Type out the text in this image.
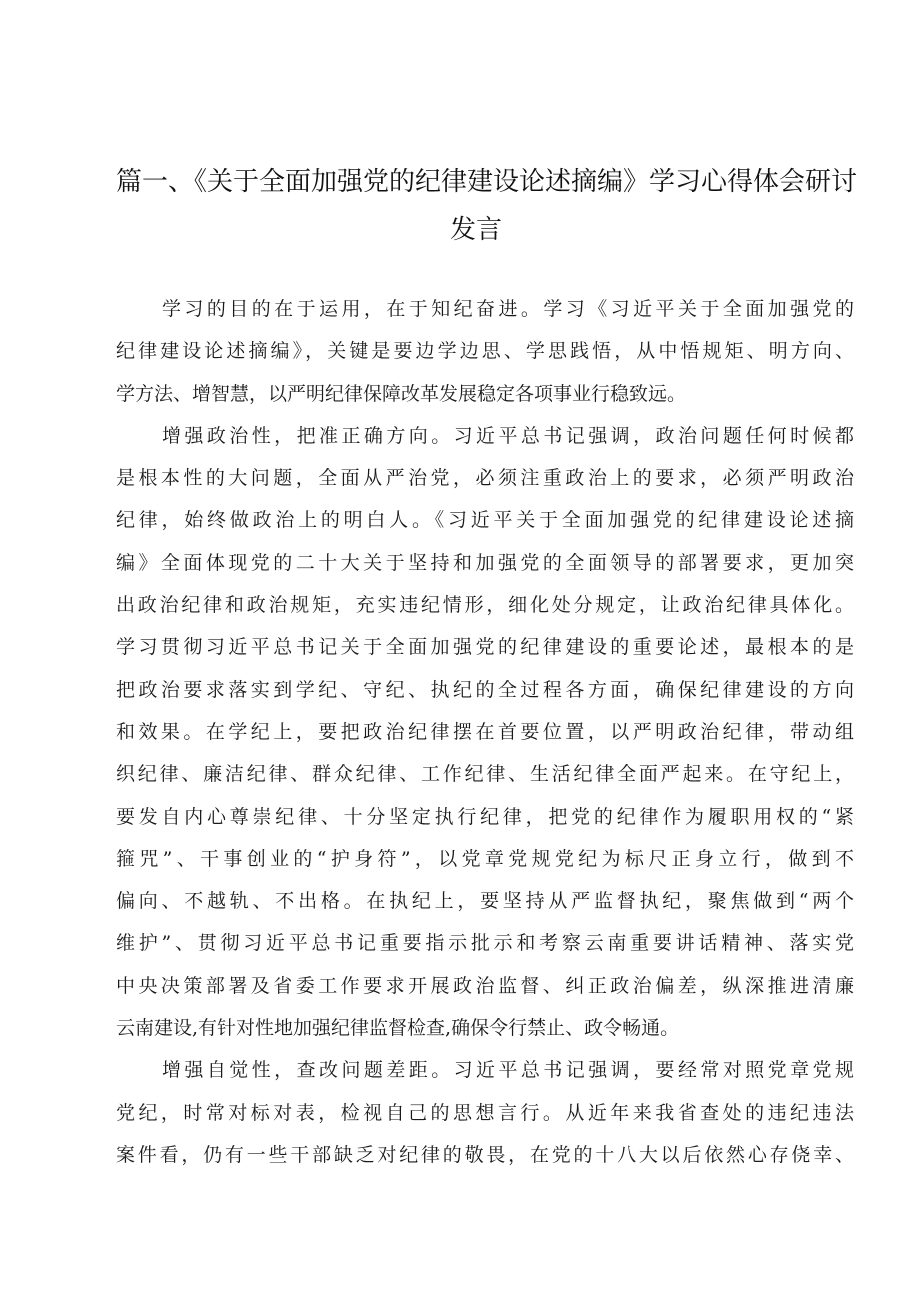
篇一、《关于全面加强党的纪律建设论述摘编》学习心得体会研讨
发言
学习的目的在于运用，在于知纪奋进。学习《习近平关于全面加强党的
纪律建设论述摘编》，关键是要边学边思、学思践悟，从中悟规矩、明方向、
学方法、增智慧，以严明纪律保障改革发展稳定各项事业行稳致远。
增强政治性，把准正确方向。习近平总书记强调，政治问题任何时候都
是根本性的大问题，全面从严治党，必须注重政治上的要求，必须严明政治
纪律，始终做政治上的明白人。《习近平关于全面加强党的纪律建设论述摘
编》全面体现党的二十大关于坚持和加强党的全面领导的部署要求，更加突
出政治纪律和政治规矩，充实违纪情形，细化处分规定，让政治纪律具体化。
学习贯彻习近平总书记关于全面加强党的纪律建设的重要论述，最根本的是
把政治要求落实到学纪、守纪、执纪的全过程各方面，确保纪律建设的方向
和效果。在学纪上，要把政治纪律摆在首要位置，以严明政治纪律，带动组
织纪律、廉洁纪律、群众纪律、工作纪律、生活纪律全面严起来。在守纪上，
要发自内心尊崇纪律、十分坚定执行纪律，把党的纪律作为履职用权的“紧
箍咒”、干事创业的“护身符”，以党章党规党纪为标尺正身立行，做到不
偏向、不越轨、不出格。在执纪上，要坚持从严监督执纪，聚焦做到“两个
维护”、贯彻习近平总书记重要指示批示和考察云南重要讲话精神、落实党
中央决策部署及省委工作要求开展政治监督、纠正政治偏差，纵深推进清廉
云南建设,有针对性地加强纪律监督检查,确保令行禁止、政令畅通。
增强自觉性，查改问题差距。习近平总书记强调，要经常对照党章党规
党纪，时常对标对表，检视自己的思想言行。从近年来我省查处的违纪违法
案件看，仍有一些干部缺乏对纪律的敬畏，在党的十八大以后依然心存侥幸、
